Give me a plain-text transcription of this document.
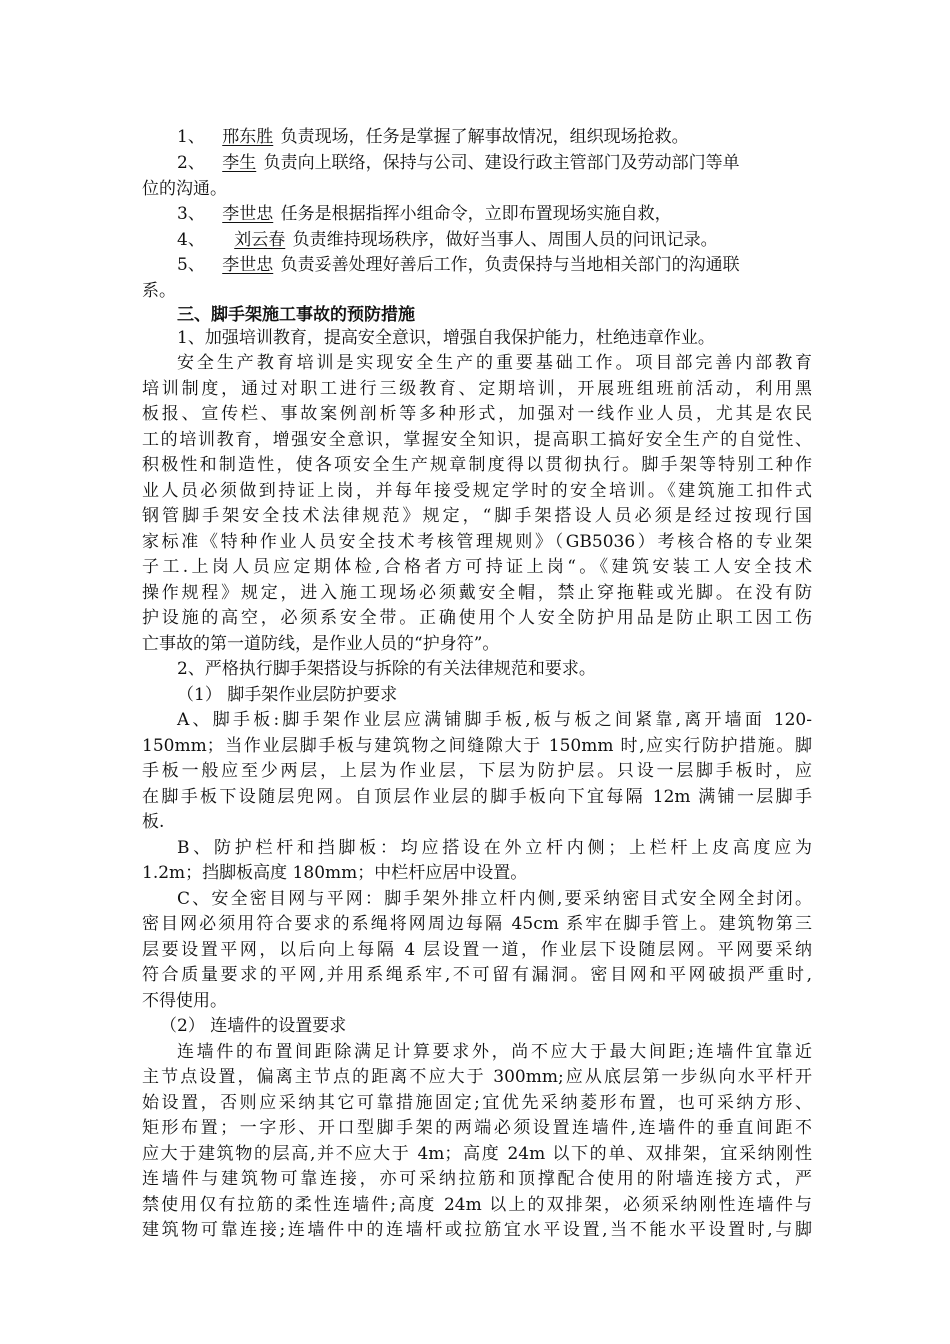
1、 邢东胜 负责现场，任务是掌握了解事故情况，组织现场抢救。
2、 李生 负责向上联络，保持与公司、建设行政主管部门及劳动部门等单
位的沟通。
3、 李世忠 任务是根据指挥小组命令，立即布置现场实施自救，
4、 刘云春 负责维持现场秩序，做好当事人、周围人员的问讯记录。
5、 李世忠 负责妥善处理好善后工作，负责保持与当地相关部门的沟通联
系。
三、脚手架施工事故的预防措施
1、加强培训教育，提高安全意识，增强自我保护能力，杜绝违章作业。
安全生产教育培训是实现安全生产的重要基础工作。项目部完善内部教育
培训制度，通过对职工进行三级教育、定期培训，开展班组班前活动，利用黑
板报、宣传栏、事故案例剖析等多种形式，加强对一线作业人员，尤其是农民
工的培训教育，增强安全意识，掌握安全知识，提高职工搞好安全生产的自觉性、
积极性和制造性，使各项安全生产规章制度得以贯彻执行。脚手架等特别工种作
业人员必须做到持证上岗，并每年接受规定学时的安全培训。《建筑施工扣件式
钢管脚手架安全技术法律规范》规定，“脚手架搭设人员必须是经过按现行国
家标准《特种作业人员安全技术考核管理规则》（GB5036）考核合格的专业架
子工.上岗人员应定期体检,合格者方可持证上岗“。《建筑安装工人安全技术
操作规程》规定，进入施工现场必须戴安全帽，禁止穿拖鞋或光脚。在没有防
护设施的高空，必须系安全带。正确使用个人安全防护用品是防止职工因工伤
亡事故的第一道防线，是作业人员的“护身符”。
2、严格执行脚手架搭设与拆除的有关法律规范和要求。
（1） 脚手架作业层防护要求
A、脚手板:脚手架作业层应满铺脚手板,板与板之间紧靠,离开墙面 120-
150mm；当作业层脚手板与建筑物之间缝隙大于 150mm 时,应实行防护措施。脚
手板一般应至少两层，上层为作业层，下层为防护层。只设一层脚手板时，应
在脚手板下设随层兜网。自顶层作业层的脚手板向下宜每隔 12m 满铺一层脚手
板.
B、防护栏杆和挡脚板：均应搭设在外立杆内侧；上栏杆上皮高度应为
1.2m；挡脚板高度 180mm；中栏杆应居中设置。
C、安全密目网与平网：脚手架外排立杆内侧,要采纳密目式安全网全封闭。
密目网必须用符合要求的系绳将网周边每隔 45cm 系牢在脚手管上。建筑物第三
层要设置平网，以后向上每隔 4 层设置一道，作业层下设随层网。平网要采纳
符合质量要求的平网,并用系绳系牢,不可留有漏洞。密目网和平网破损严重时,
不得使用。
（2） 连墙件的设置要求
连墙件的布置间距除满足计算要求外，尚不应大于最大间距;连墙件宜靠近
主节点设置，偏离主节点的距离不应大于 300mm;应从底层第一步纵向水平杆开
始设置，否则应采纳其它可靠措施固定;宜优先采纳菱形布置，也可采纳方形、
矩形布置；一字形、开口型脚手架的两端必须设置连墙件,连墙件的垂直间距不
应大于建筑物的层高,并不应大于 4m；高度 24m 以下的单、双排架，宜采纳刚性
连墙件与建筑物可靠连接，亦可采纳拉筋和顶撑配合使用的附墙连接方式，严
禁使用仅有拉筋的柔性连墙件;高度 24m 以上的双排架，必须采纳刚性连墙件与
建筑物可靠连接;连墙件中的连墙杆或拉筋宜水平设置,当不能水平设置时,与脚
